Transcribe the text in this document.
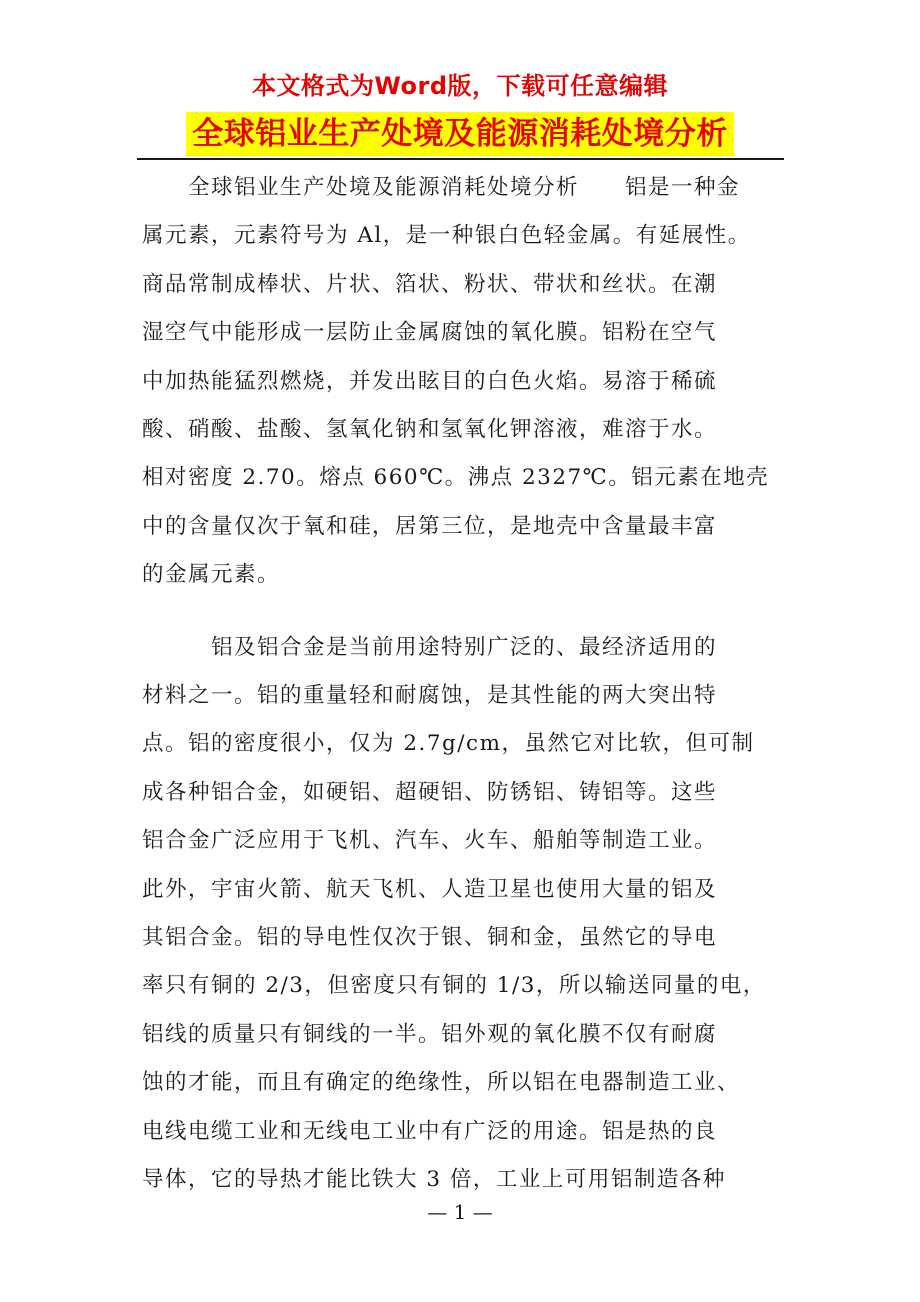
本文格式为Word版，下载可任意编辑
全球铝业生产处境及能源消耗处境分析
　　全球铝业生产处境及能源消耗处境分析　　铝是一种金
属元素，元素符号为 Al，是一种银白色轻金属。有延展性。
商品常制成棒状、片状、箔状、粉状、带状和丝状。在潮
湿空气中能形成一层防止金属腐蚀的氧化膜。铝粉在空气
中加热能猛烈燃烧，并发出眩目的白色火焰。易溶于稀硫
酸、硝酸、盐酸、氢氧化钠和氢氧化钾溶液，难溶于水。
相对密度 2.70。熔点 660℃。沸点 2327℃。铝元素在地壳
中的含量仅次于氧和硅，居第三位，是地壳中含量最丰富
的金属元素。
　　　铝及铝合金是当前用途特别广泛的、最经济适用的
材料之一。铝的重量轻和耐腐蚀，是其性能的两大突出特
点。铝的密度很小，仅为 2.7g/cm，虽然它对比软，但可制
成各种铝合金，如硬铝、超硬铝、防锈铝、铸铝等。这些
铝合金广泛应用于飞机、汽车、火车、船舶等制造工业。
此外，宇宙火箭、航天飞机、人造卫星也使用大量的铝及
其铝合金。铝的导电性仅次于银、铜和金，虽然它的导电
率只有铜的 2/3，但密度只有铜的 1/3，所以输送同量的电，
铝线的质量只有铜线的一半。铝外观的氧化膜不仅有耐腐
蚀的才能，而且有确定的绝缘性，所以铝在电器制造工业、
电线电缆工业和无线电工业中有广泛的用途。铝是热的良
导体，它的导热才能比铁大 3 倍，工业上可用铝制造各种
— 1 —
